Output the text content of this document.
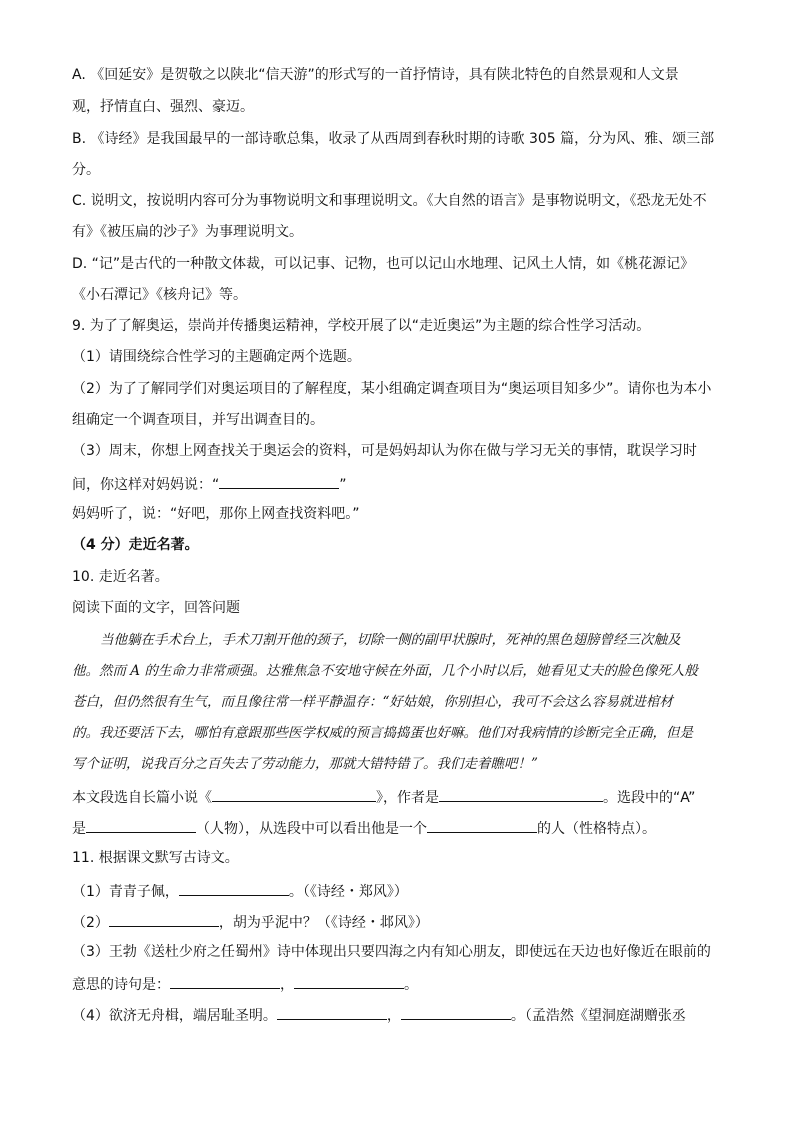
A. 《回延安》是贺敬之以陕北“信天游”的形式写的一首抒情诗，具有陕北特色的自然景观和人文景
观，抒情直白、强烈、豪迈。
B. 《诗经》是我国最早的一部诗歌总集，收录了从西周到春秋时期的诗歌 305 篇，分为风、雅、颂三部
分。
C. 说明文，按说明内容可分为事物说明文和事理说明文。《大自然的语言》是事物说明文，《恐龙无处不
有》《被压扁的沙子》为事理说明文。
D. “记”是古代的一种散文体裁，可以记事、记物，也可以记山水地理、记风土人情，如《桃花源记》
《小石潭记》《核舟记》等。
9. 为了了解奥运，崇尚并传播奥运精神，学校开展了以“走近奥运”为主题的综合性学习活动。
（1）请围绕综合性学习的主题确定两个选题。
（2）为了了解同学们对奥运项目的了解程度，某小组确定调查项目为“奥运项目知多少”。请你也为本小
组确定一个调查项目，并写出调查目的。
（3）周末，你想上网查找关于奥运会的资料，可是妈妈却认为你在做与学习无关的事情，耽误学习时
间，你这样对妈妈说：“	”
妈妈听了，说：“好吧，那你上网查找资料吧。”
（4 分）走近名著。
10. 走近名著。
阅读下面的文字，回答问题
当他躺在手术台上，手术刀割开他的颈子，切除一侧的副甲状腺时，死神的黑色翅膀曾经三次触及
他。然而 A 的生命力非常顽强。达雅焦急不安地守候在外面，几个小时以后，她看见丈夫的脸色像死人般
苍白，但仍然很有生气，而且像往常一样平静温存：“好姑娘，你别担心，我可不会这么容易就进棺材
的。我还要活下去，哪怕有意跟那些医学权威的预言捣捣蛋也好嘛。他们对我病情的诊断完全正确，但是
写个证明，说我百分之百失去了劳动能力，那就大错特错了。我们走着瞧吧！”
本文段选自长篇小说《	》，作者是	。选段中的“A”
是	（人物），从选段中可以看出他是一个	的人（性格特点）。
11. 根据课文默写古诗文。
（1）青青子佩，	。（《诗经・郑风》）
（2）	，胡为乎泥中？（《诗经・邶风》）
（3）王勃《送杜少府之任蜀州》诗中体现出只要四海之内有知心朋友，即使远在天边也好像近在眼前的
意思的诗句是：	，	。
（4）欲济无舟楫，端居耻圣明。	，	。（孟浩然《望洞庭湖赠张丞
